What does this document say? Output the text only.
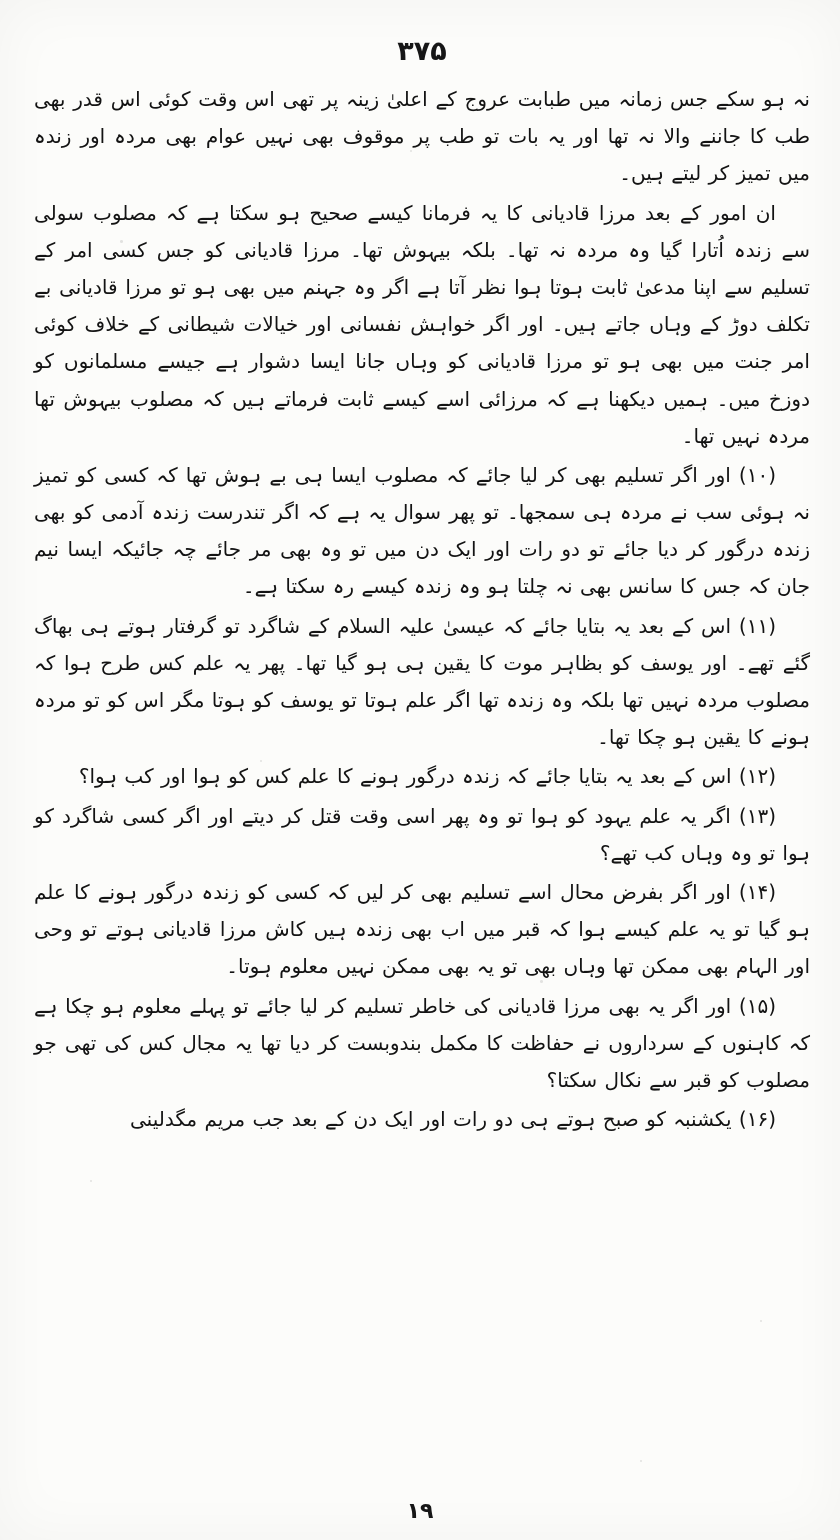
۳۷۵

نہ ہو سکے جس زمانہ میں طبابت عروج کے اعلیٰ زینہ پر تھی اس وقت کوئی اس قدر بھی طب کا جاننے والا نہ تھا اور یہ بات تو طب پر موقوف بھی نہیں عوام بھی مردہ اور زندہ میں تمیز کر لیتے ہیں۔

ان امور کے بعد مرزا قادیانی کا یہ فرمانا کیسے صحیح ہو سکتا ہے کہ مصلوب سولی سے زندہ اُتارا گیا وہ مردہ نہ تھا۔ بلکہ بیہوش تھا۔ مرزا قادیانی کو جس کسی امر کے تسلیم سے اپنا مدعیٰ ثابت ہوتا ہوا نظر آتا ہے اگر وہ جہنم میں بھی ہو تو مرزا قادیانی بے تکلف دوڑ کے وہاں جاتے ہیں۔ اور اگر خواہش نفسانی اور خیالات شیطانی کے خلاف کوئی امر جنت میں بھی ہو تو مرزا قادیانی کو وہاں جانا ایسا دشوار ہے جیسے مسلمانوں کو دوزخ میں۔ ہمیں دیکھنا ہے کہ مرزائی اسے کیسے ثابت فرماتے ہیں کہ مصلوب بیہوش تھا مردہ نہیں تھا۔

(۱۰) اور اگر تسلیم بھی کر لیا جائے کہ مصلوب ایسا ہی بے ہوش تھا کہ کسی کو تمیز نہ ہوئی سب نے مردہ ہی سمجھا۔ تو پھر سوال یہ ہے کہ اگر تندرست زندہ آدمی کو بھی زندہ درگور کر دیا جائے تو دو رات اور ایک دن میں تو وہ بھی مر جائے چہ جائیکہ ایسا نیم جان کہ جس کا سانس بھی نہ چلتا ہو وہ زندہ کیسے رہ سکتا ہے۔

(۱۱) اس کے بعد یہ بتایا جائے کہ عیسیٰ علیہ السلام کے شاگرد تو گرفتار ہوتے ہی بھاگ گئے تھے۔ اور یوسف کو بظاہر موت کا یقین ہی ہو گیا تھا۔ پھر یہ علم کس طرح ہوا کہ مصلوب مردہ نہیں تھا بلکہ وہ زندہ تھا اگر علم ہوتا تو یوسف کو ہوتا مگر اس کو تو مردہ ہونے کا یقین ہو چکا تھا۔

(۱۲) اس کے بعد یہ بتایا جائے کہ زندہ درگور ہونے کا علم کس کو ہوا اور کب ہوا؟

(۱۳) اگر یہ علم یہود کو ہوا تو وہ پھر اسی وقت قتل کر دیتے اور اگر کسی شاگرد کو ہوا تو وہ وہاں کب تھے؟

(۱۴) اور اگر بفرض محال اسے تسلیم بھی کر لیں کہ کسی کو زندہ درگور ہونے کا علم ہو گیا تو یہ علم کیسے ہوا کہ قبر میں اب بھی زندہ ہیں کاش مرزا قادیانی ہوتے تو وحی اور الہام بھی ممکن تھا وہاں بھی تو یہ بھی ممکن نہیں معلوم ہوتا۔

(۱۵) اور اگر یہ بھی مرزا قادیانی کی خاطر تسلیم کر لیا جائے تو پہلے معلوم ہو چکا ہے کہ کاہنوں کے سرداروں نے حفاظت کا مکمل بندوبست کر دیا تھا یہ مجال کس کی تھی جو مصلوب کو قبر سے نکال سکتا؟

(۱۶) یکشنبہ کو صبح ہوتے ہی دو رات اور ایک دن کے بعد جب مریم مگدلینی

۱۹
